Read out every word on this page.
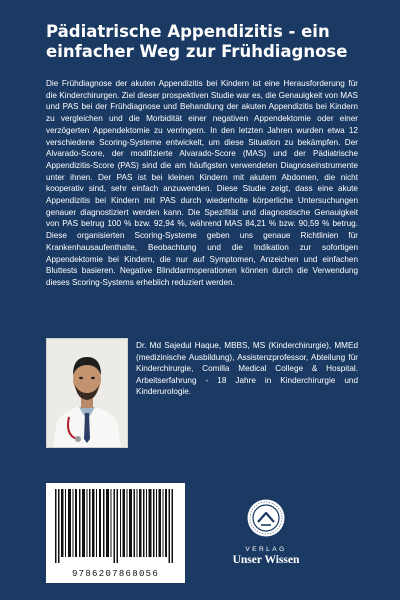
Pädiatrische Appendizitis - ein
einfacher Weg zur Frühdiagnose

Die Frühdiagnose der akuten Appendizitis bei Kindern ist eine Herausforderung für die Kinderchirurgen. Ziel dieser prospektiven Studie war es, die Genauigkeit von MAS und PAS bei der Frühdiagnose und Behandlung der akuten Appendizitis bei Kindern zu vergleichen und die Morbidität einer negativen Appendektomie oder einer verzögerten Appendektomie zu verringern. In den letzten Jahren wurden etwa 12 verschiedene Scoring-Systeme entwickelt, um diese Situation zu bekämpfen. Der Alvarado-Score, der modifizierte Alvarado-Score (MAS) und der Pädiatrische Appendizitis-Score (PAS) sind die am häufigsten verwendeten Diagnoseinstrumente unter ihnen. Der PAS ist bei kleinen Kindern mit akutem Abdomen, die nicht kooperativ sind, sehr einfach anzuwenden. Diese Studie zeigt, dass eine akute Appendizitis bei Kindern mit PAS durch wiederholte körperliche Untersuchungen genauer diagnostiziert werden kann. Die Spezifität und diagnostische Genauigkeit von PAS betrug 100 % bzw. 92,94 %, während MAS 84,21 % bzw. 90,59 % betrug. Diese organisierten Scoring-Systeme geben uns genaue Richtlinien für Krankenhausaufenthalte, Beobachtung und die Indikation zur sofortigen Appendektomie bei Kindern, die nur auf Symptomen, Anzeichen und einfachen Bluttests basieren. Negative Blinddarmoperationen können durch die Verwendung dieses Scoring-Systems erheblich reduziert werden.

Dr. Md Sajedul Haque, MBBS, MS (Kinderchirurgie), MMEd (medizinische Ausbildung), Assistenzprofessor, Abteilung für Kinderchirurgie, Comilla Medical College & Hospital. Arbeitserfahrung - 18 Jahre in Kinderchirurgie und Kinderurologie.

9786207868056
VERLAG
Unser Wissen
